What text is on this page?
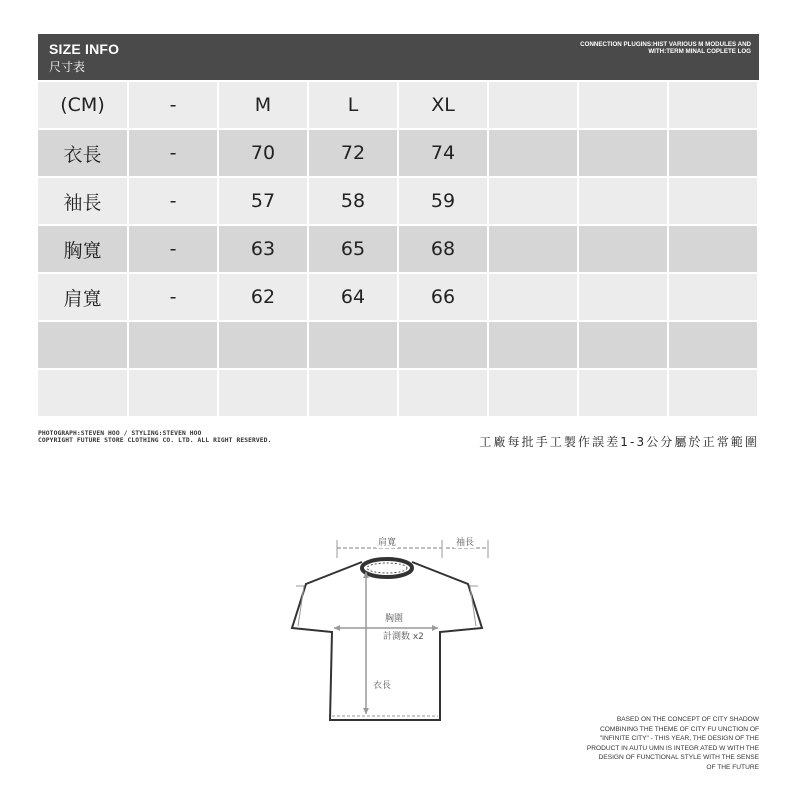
SIZE INFO
尺寸表
CONNECTION PLUGINS:HIST VARIOUS M MODULES AND
WITH:TERM MINAL COPLETE LOG
(CM)	-	M	L	XL
衣長	-	70	72	74
袖長	-	57	58	59
胸寬	-	63	65	68
肩寬	-	62	64	66
PHOTOGRAPH:STEVEN HOO / STYLING:STEVEN HOO
COPYRIGHT FUTURE STORE CLOTHING CO. LTD. ALL RIGHT RESERVED.	工廠每批手工製作誤差1-3公分屬於正常範圍
肩寬	袖長
胸圍
計測数 x2
衣長
BASED ON THE CONCEPT OF CITY SHADOW
COMBINING THE THEME OF CITY FU UNCTION OF
"INFINITE CITY" - THIS YEAR, THE DESIGN OF THE
PRODUCT IN AUTU UMN IS INTEGR ATED W WITH THE
DESIGN OF FUNCTIONAL STYLE WITH THE SENSE
OF THE FUTURE
